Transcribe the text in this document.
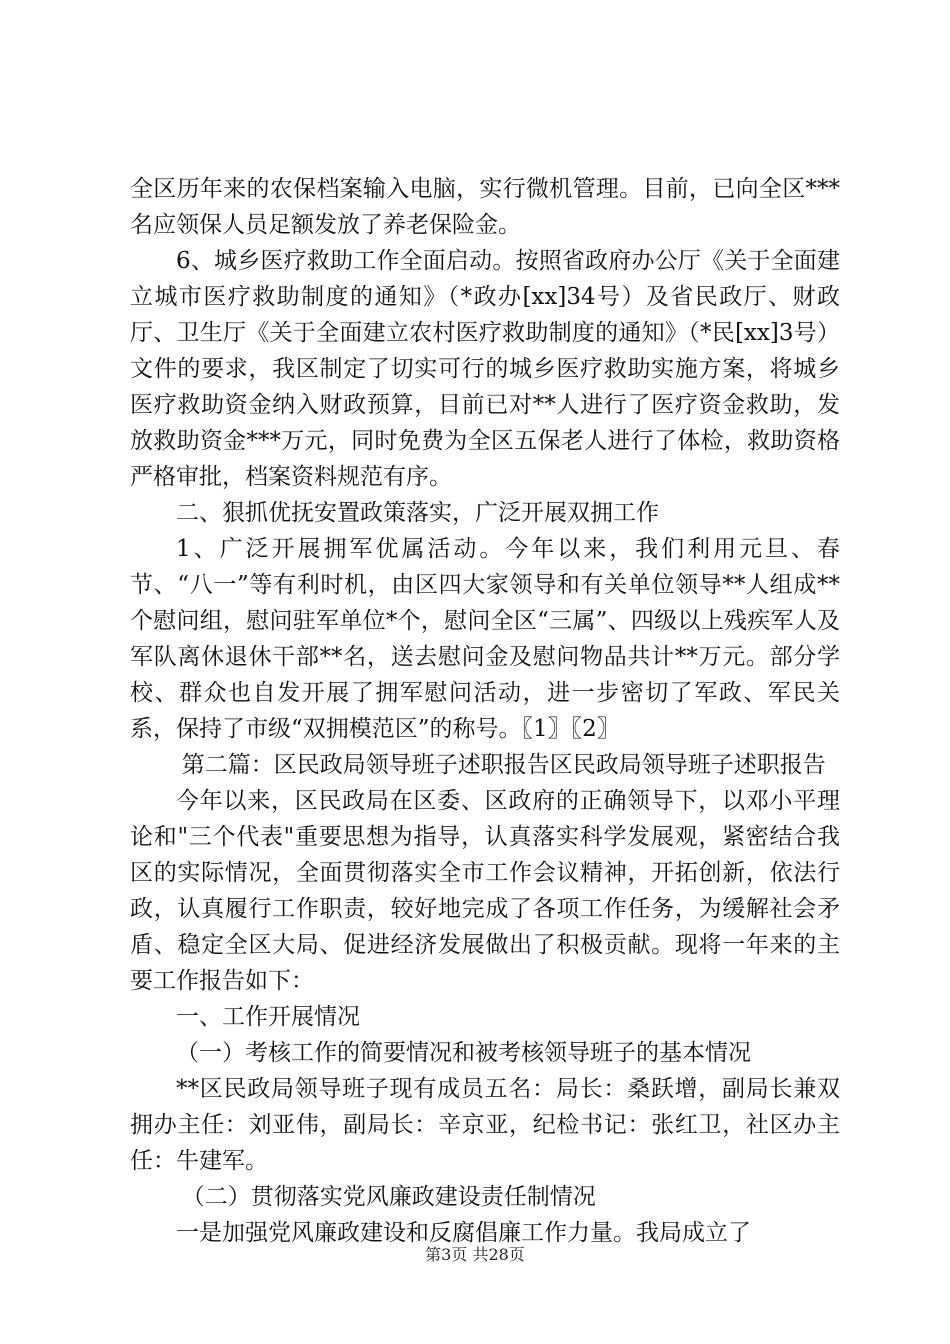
全区历年来的农保档案输入电脑，实行微机管理。目前，已向全区***名应领保人员足额发放了养老保险金。

6、城乡医疗救助工作全面启动。按照省政府办公厅《关于全面建立城市医疗救助制度的通知》（*政办[xx]34号）及省民政厅、财政厅、卫生厅《关于全面建立农村医疗救助制度的通知》（*民[xx]3号）文件的要求，我区制定了切实可行的城乡医疗救助实施方案，将城乡医疗救助资金纳入财政预算，目前已对**人进行了医疗资金救助，发放救助资金***万元，同时免费为全区五保老人进行了体检，救助资格严格审批，档案资料规范有序。

二、狠抓优抚安置政策落实，广泛开展双拥工作

1、广泛开展拥军优属活动。今年以来，我们利用元旦、春节、“八一”等有利时机，由区四大家领导和有关单位领导**人组成**个慰问组，慰问驻军单位*个，慰问全区“三属”、四级以上残疾军人及军队离休退休干部**名，送去慰问金及慰问物品共计**万元。部分学校、群众也自发开展了拥军慰问活动，进一步密切了军政、军民关系，保持了市级“双拥模范区”的称号。〖1〗〖2〗

第二篇：区民政局领导班子述职报告区民政局领导班子述职报告

今年以来，区民政局在区委、区政府的正确领导下，以邓小平理论和"三个代表"重要思想为指导，认真落实科学发展观，紧密结合我区的实际情况，全面贯彻落实全市工作会议精神，开拓创新，依法行政，认真履行工作职责，较好地完成了各项工作任务，为缓解社会矛盾、稳定全区大局、促进经济发展做出了积极贡献。现将一年来的主要工作报告如下：

一、工作开展情况

（一）考核工作的简要情况和被考核领导班子的基本情况

**区民政局领导班子现有成员五名：局长：桑跃增，副局长兼双拥办主任：刘亚伟，副局长：辛京亚，纪检书记：张红卫，社区办主任：牛建军。

（二）贯彻落实党风廉政建设责任制情况

一是加强党风廉政建设和反腐倡廉工作力量。我局成立了

第3页 共28页
